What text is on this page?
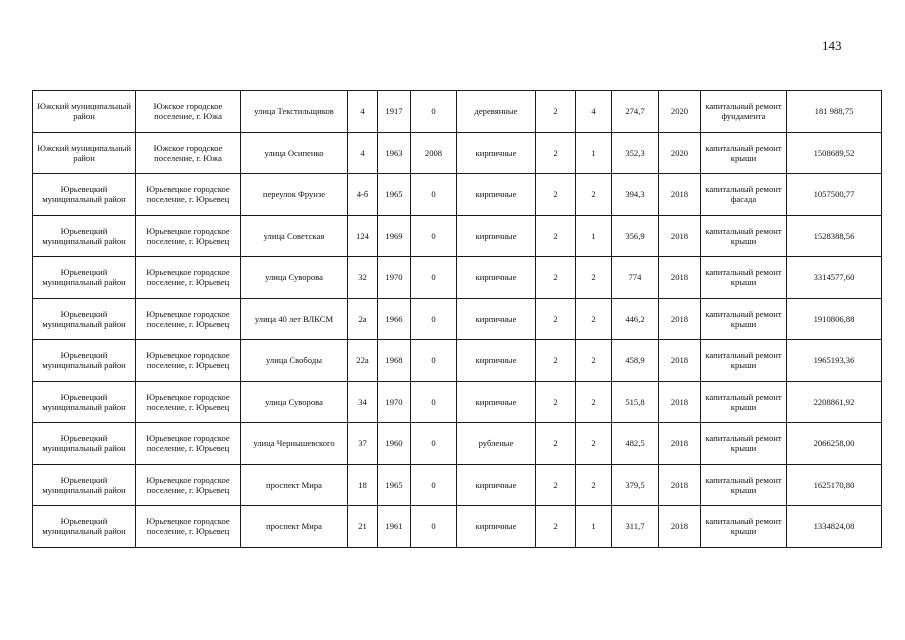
143
Южский муниципальный район	Южское городское поселение, г. Южа	улица Текстильщиков	4	1917	0	деревянные	2	4	274,7	2020	капитальный ремонт фундамента	181 988,75
Южский муниципальный район	Южское городское поселение, г. Южа	улица Осипенко	4	1963	2008	кирпичные	2	1	352,3	2020	капитальный ремонт крыши	1508689,52
Юрьевецкий муниципальный район	Юрьевецкое городское поселение, г. Юрьевец	переулок Фрунзе	4-б	1965	0	кирпичные	2	2	394,3	2018	капитальный ремонт фасада	1057500,77
Юрьевецкий муниципальный район	Юрьевецкое городское поселение, г. Юрьевец	улица Советская	124	1969	0	кирпичные	2	1	356,9	2018	капитальный ремонт крыши	1528388,56
Юрьевецкий муниципальный район	Юрьевецкое городское поселение, г. Юрьевец	улица Суворова	32	1970	0	кирпичные	2	2	774	2018	капитальный ремонт крыши	3314577,60
Юрьевецкий муниципальный район	Юрьевецкое городское поселение, г. Юрьевец	улица 40 лет ВЛКСМ	2а	1966	0	кирпичные	2	2	446,2	2018	капитальный ремонт крыши	1910806,88
Юрьевецкий муниципальный район	Юрьевецкое городское поселение, г. Юрьевец	улица Свободы	22а	1968	0	кирпичные	2	2	458,9	2018	капитальный ремонт крыши	1965193,36
Юрьевецкий муниципальный район	Юрьевецкое городское поселение, г. Юрьевец	улица Суворова	34	1970	0	кирпичные	2	2	515,8	2018	капитальный ремонт крыши	2208861,92
Юрьевецкий муниципальный район	Юрьевецкое городское поселение, г. Юрьевец	улица Чернышевского	37	1960	0	рубленые	2	2	482,5	2018	капитальный ремонт крыши	2066258,00
Юрьевецкий муниципальный район	Юрьевецкое городское поселение, г. Юрьевец	проспект Мира	18	1965	0	кирпичные	2	2	379,5	2018	капитальный ремонт крыши	1625170,80
Юрьевецкий муниципальный район	Юрьевецкое городское поселение, г. Юрьевец	проспект Мира	21	1961	0	кирпичные	2	1	311,7	2018	капитальный ремонт крыши	1334824,08
